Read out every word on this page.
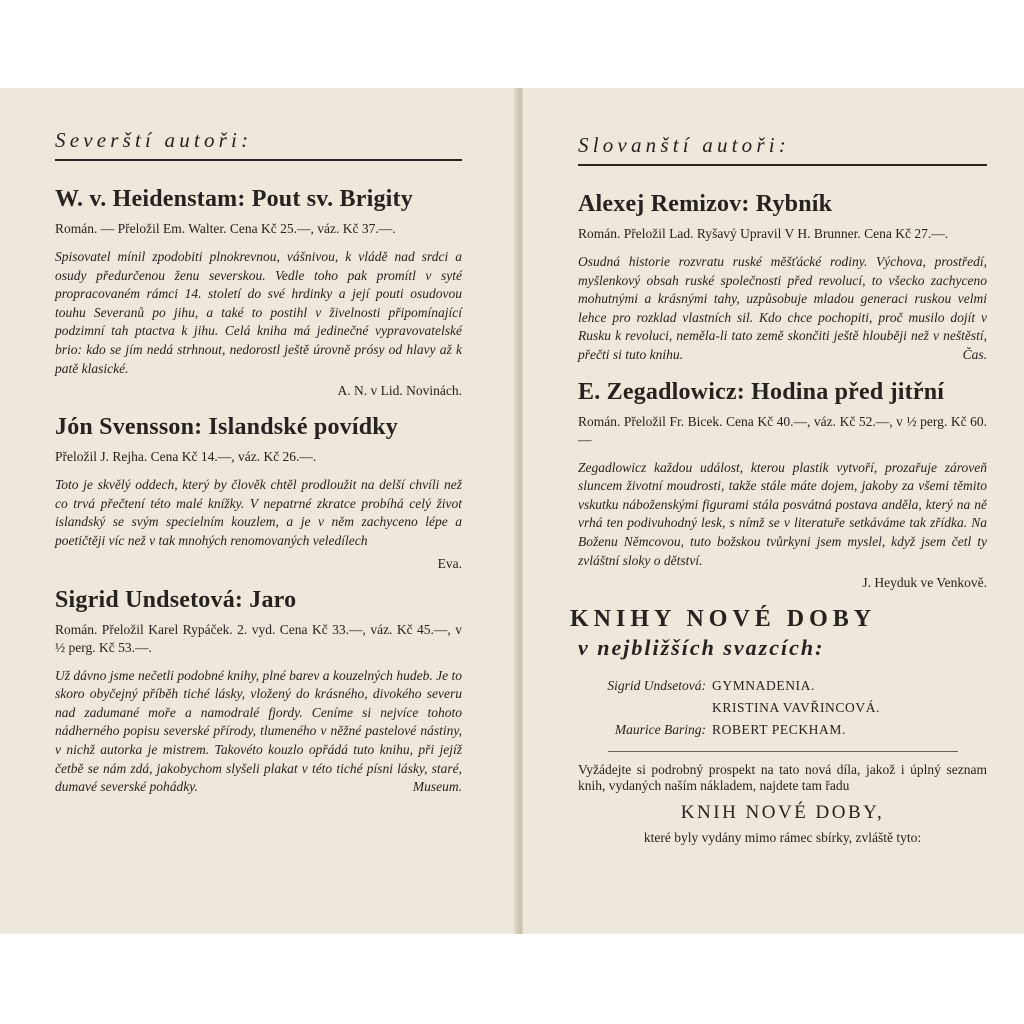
Severští autoři:
W. v. Heidenstam: Pout sv. Brigity

Román. — Přeložil Em. Walter. Cena Kč 25.—, váz. Kč 37.—.

Spisovatel mínil zpodobiti plnokrevnou, vášnivou, k vládě nad srdci a osudy předurčenou ženu severskou. Vedle toho pak promítl v syté propracovaném rámci 14. století do své hrdinky a její pouti osudovou touhu Severanů po jihu, a také to postihl v živelnosti připomínající podzimní tah ptactva k jihu. Celá kniha má jedinečné vypravovatelské brio: kdo se jím nedá strhnout, nedorostl ještě úrovně prósy od hlavy až k patě klasické.

A. N. v Lid. Novinách.

Jón Svensson: Islandské povídky

Přeložil J. Rejha. Cena Kč 14.—, váz. Kč 26.—.

Toto je skvělý oddech, který by člověk chtěl prodloužit na delší chvíli než co trvá přečtení této malé knížky. V nepatrné zkratce probíhá celý život islandský se svým specielním kouzlem, a je v něm zachyceno lépe a poetičtěji víc než v tak mnohých renomovaných veledílech

Eva.

Sigrid Undsetová: Jaro

Román. Přeložil Karel Rypáček. 2. vyd. Cena Kč 33.—, váz. Kč 45.—, v ½ perg. Kč 53.—.

Už dávno jsme nečetli podobné knihy, plné barev a kouzelných hudeb. Je to skoro obyčejný příběh tiché lásky, vložený do krásného, divokého severu nad zadumané moře a namodralé fjordy. Ceníme si nejvíce tohoto nádherného popisu severské přírody, tlumeného v něžné pastelové nástiny, v nichž autorka je mistrem. Takovéto kouzlo opřádá tuto knihu, při jejíž četbě se nám zdá, jakobychom slyšeli plakat v této tiché písni lásky, staré, dumavé severské pohádky.	Museum.

Slovanští autoři:
Alexej Remizov: Rybník

Román. Přeložil Lad. Ryšavý Upravil V H. Brunner. Cena Kč 27.—.

Osudná historie rozvratu ruské měšťácké rodiny. Výchova, prostředí, myšlenkový obsah ruské společnosti před revolucí, to všecko zachyceno mohutnými a krásnými tahy, uzpůsobuje mladou generaci ruskou velmi lehce pro rozklad vlastních sil. Kdo chce pochopiti, proč musilo dojít v Rusku k revoluci, neměla-li tato země skončiti ještě hlouběji než v neštěstí, přečti si tuto knihu.	Čas.

E. Zegadlowicz: Hodina před jitřní

Román. Přeložil Fr. Bicek. Cena Kč 40.—, váz. Kč 52.—, v ½ perg. Kč 60.—

Zegadlowicz každou událost, kterou plastik vytvoří, prozařuje zároveň sluncem životní moudrosti, takže stále máte dojem, jakoby za všemi těmito vskutku náboženskými figurami stála posvátná postava anděla, který na ně vrhá ten podivuhodný lesk, s nímž se v literatuře setkáváme tak zřídka. Na Boženu Němcovou, tuto božskou tvůrkyni jsem myslel, když jsem četl ty zvláštní sloky o dětství.

J. Heyduk ve Venkově.

KNIHY NOVÉ DOBY
v nejbližších svazcích:
Sigrid Undsetová: GYMNADENIA.
KRISTINA VAVŘINCOVÁ.
Maurice Baring: ROBERT PECKHAM.

Vyžádejte si podrobný prospekt na tato nová díla, jakož i úplný seznam knih, vydaných naším nákladem, najdete tam řadu

KNIH NOVÉ DOBY,

které byly vydány mimo rámec sbírky, zvláště tyto:
